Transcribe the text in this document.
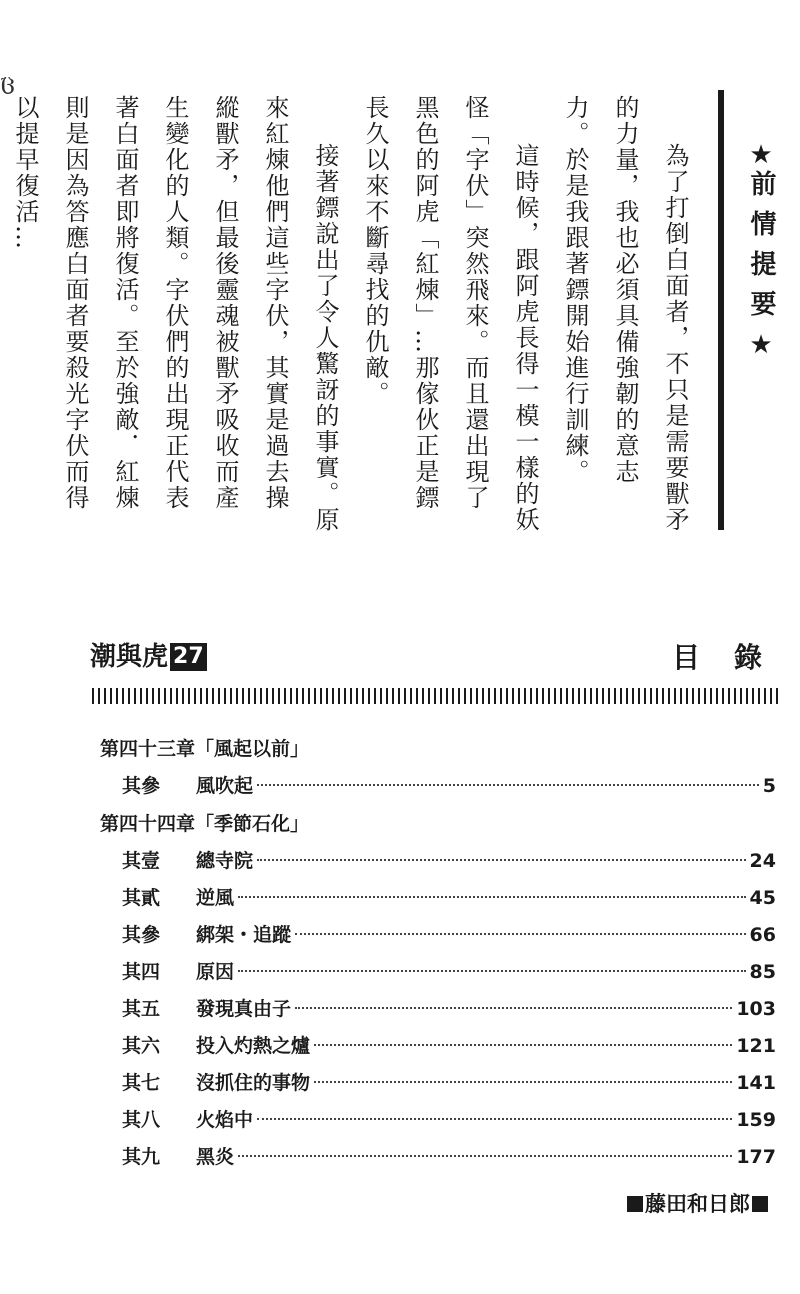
ც

為了打倒白面者，不只是需要獸矛的力量，我也必須具備強韌的意志力。於是我跟著鏢開始進行訓練。

這時候，跟阿虎長得一模一樣的妖怪「字伏」突然飛來。而且還出現了黑色的阿虎「紅煉」…那傢伙正是鏢長久以來不斷尋找的仇敵。

接著鏢說出了令人驚訝的事實。原來紅煉他們這些字伏，其實是過去操縱獸矛，但最後靈魂被獸矛吸收而產生變化的人類。字伏們的出現正代表著白面者即將復活。至於強敵．紅煉則是因為答應白面者要殺光字伏而得以提早復活…	★前情提要★
潮與虎 27	目錄
第四十三章「風起以前」
其參	風吹起	5
第四十四章「季節石化」
其壹	總寺院	24
其貳	逆風	45
其參	綁架・追蹤	66
其四	原因	85
其五	發現真由子	103
其六	投入灼熱之爐	121
其七	沒抓住的事物	141
其八	火焰中	159
其九	黑炎	177
藤田和日郎
